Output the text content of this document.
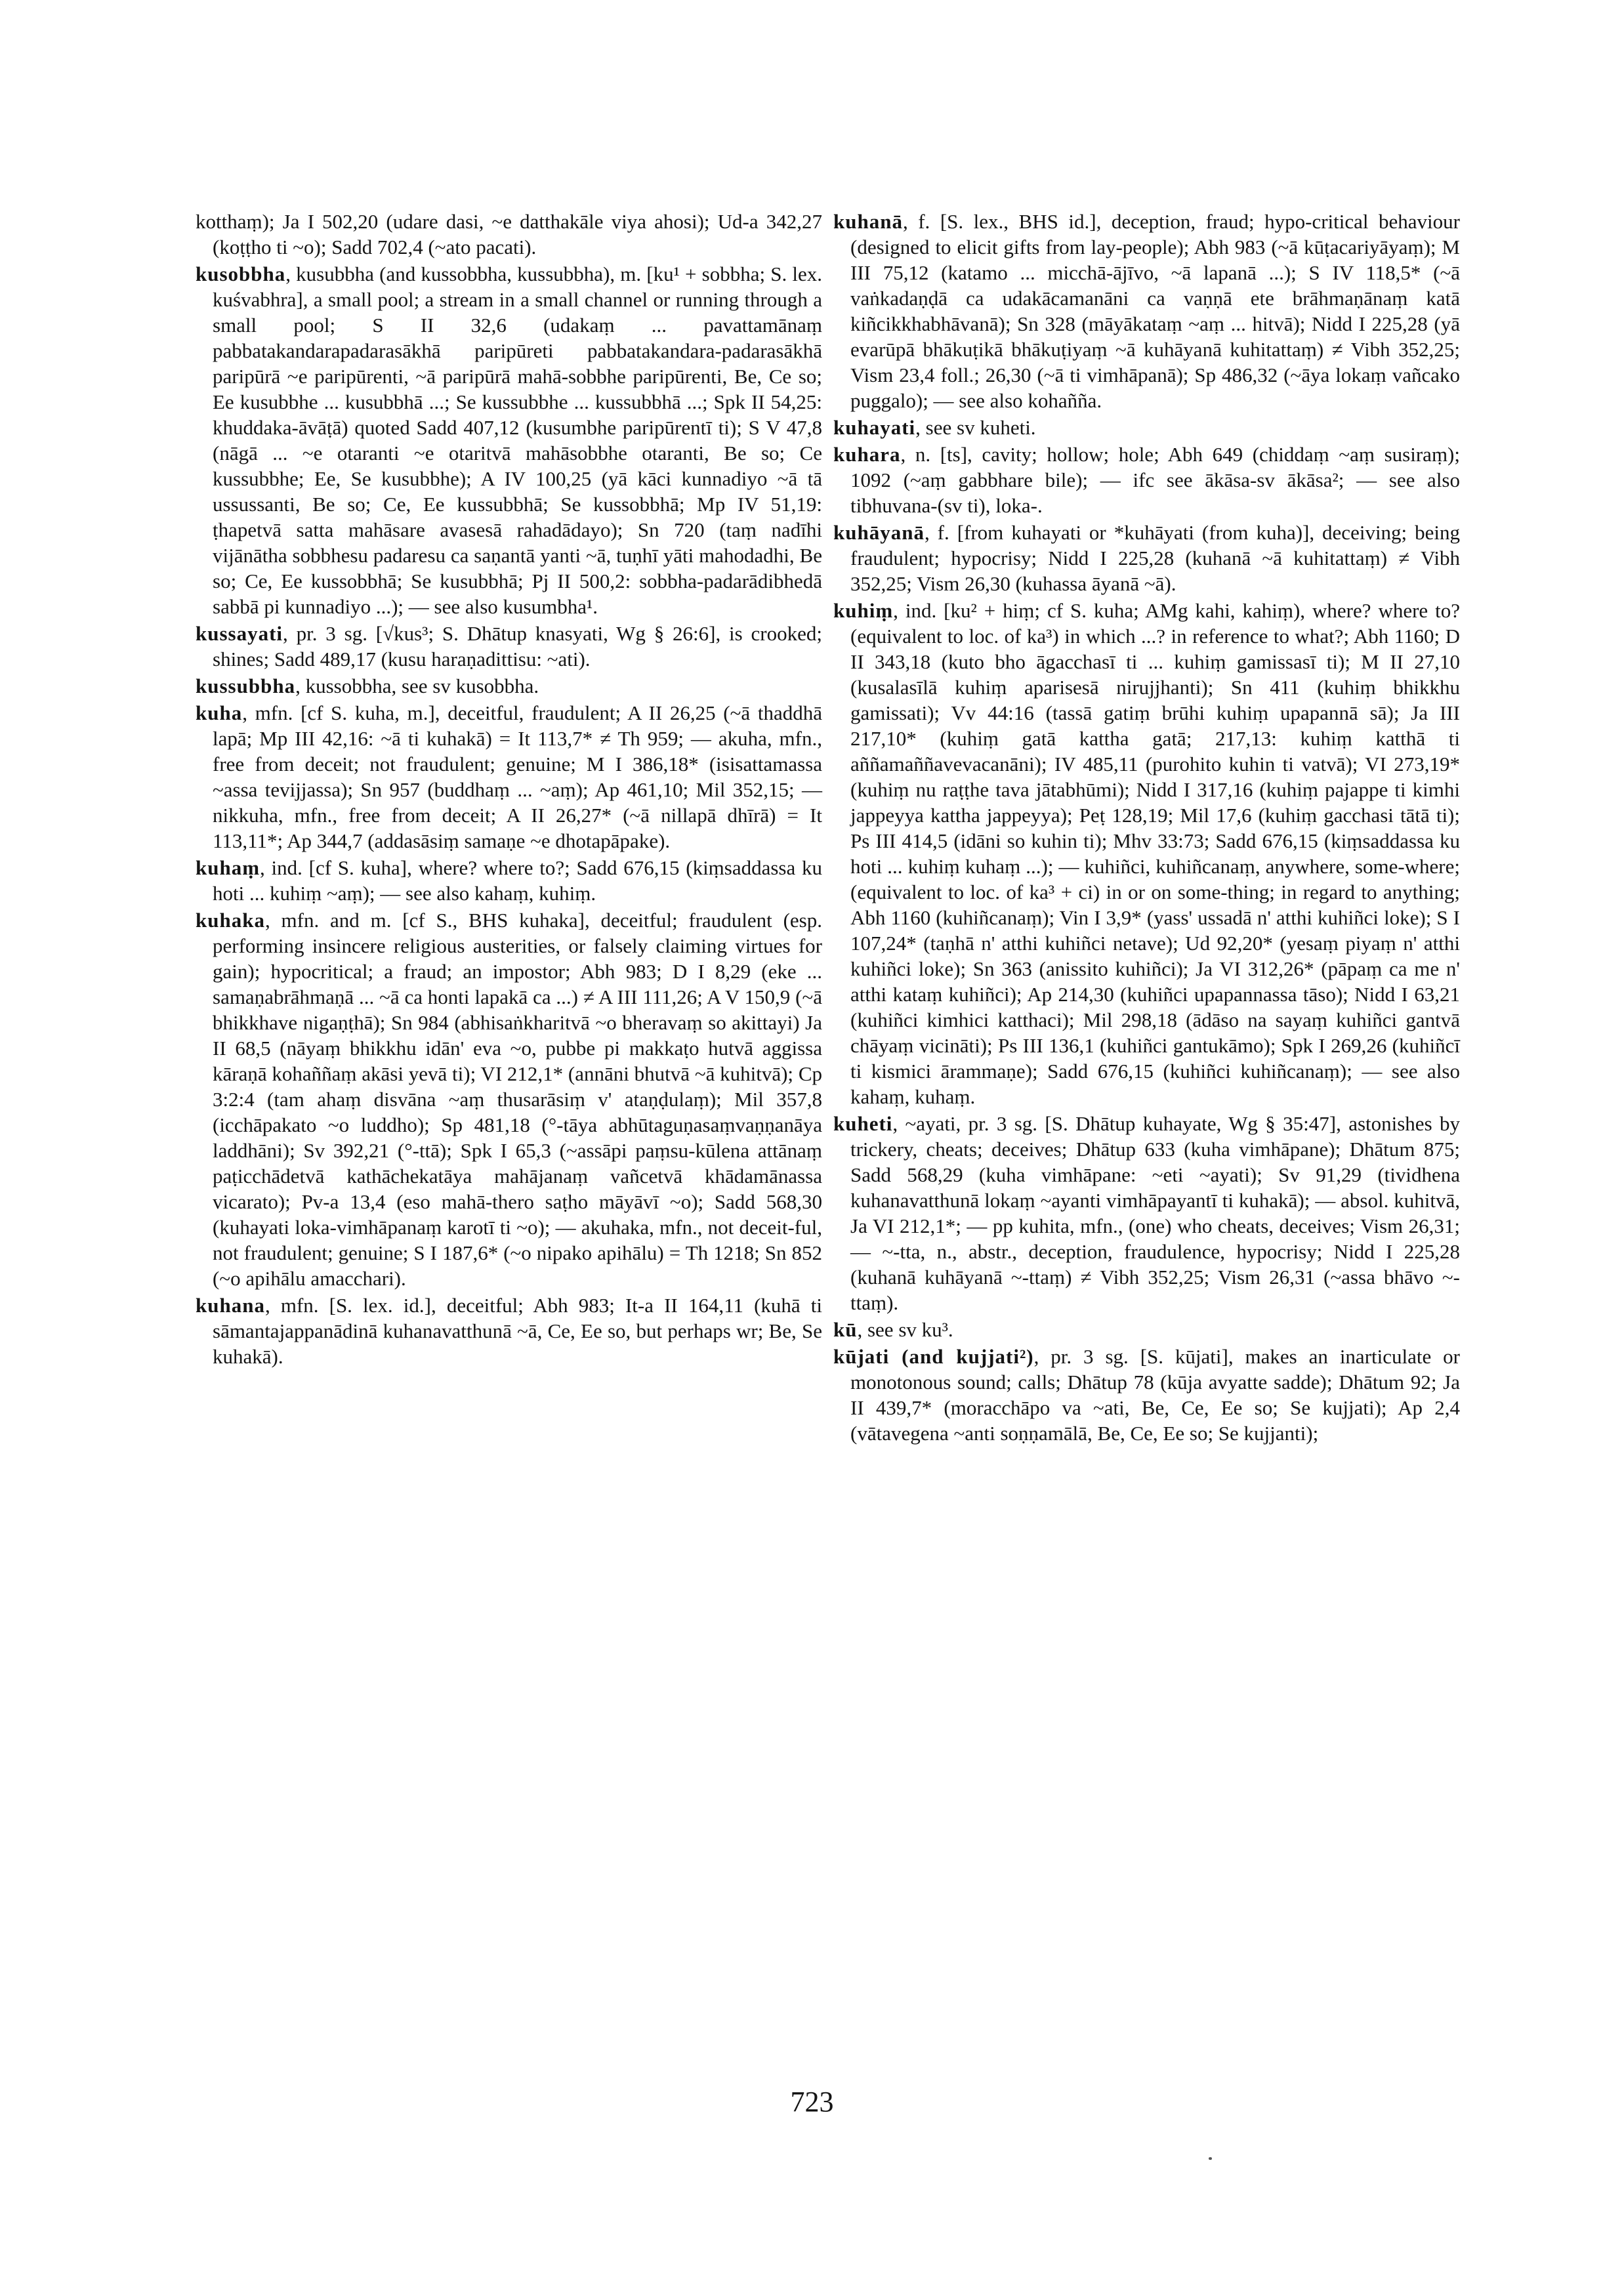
kotthaṃ); Ja I 502,20 (udare dasi, ~e datthakāle viya ahosi); Ud-a 342,27 (koṭṭho ti ~o); Sadd 702,4 (~ato pacati).

kusobbha, kusubbha (and kussobbha, kussubbha), m. [ku¹ + sobbha; S. lex. kuśvabhra], a small pool; a stream in a small channel or running through a small pool; S II 32,6 (udakaṃ ... pavattamānaṃ pabbatakandarapadarasākhā paripūreti pabbatakandara-padarasākhā paripūrā ~e paripūrenti, ~ā paripūrā mahā-sobbhe paripūrenti, Be, Ce so; Ee kusubbhe ... kusubbhā ...; Se kussubbhe ... kussubbhā ...; Spk II 54,25: khuddaka-āvāṭā) quoted Sadd 407,12 (kusumbhe paripūrentī ti); S V 47,8 (nāgā ... ~e otaranti ~e otaritvā mahāsobbhe otaranti, Be so; Ce kussubbhe; Ee, Se kusubbhe); A IV 100,25 (yā kāci kunnadiyo ~ā tā ussussanti, Be so; Ce, Ee kussubbhā; Se kussobbhā; Mp IV 51,19: ṭhapetvā satta mahāsare avasesā rahadādayo); Sn 720 (taṃ nadīhi vijānātha sobbhesu padaresu ca saṇantā yanti ~ā, tuṇhī yāti mahodadhi, Be so; Ce, Ee kussobbhā; Se kusubbhā; Pj II 500,2: sobbha-padarādibhedā sabbā pi kunnadiyo ...); — see also kusumbha¹.

kussayati, pr. 3 sg. [√kus³; S. Dhātup knasyati, Wg § 26:6], is crooked; shines; Sadd 489,17 (kusu haraṇadittisu: ~ati).

kussubbha, kussobbha, see sv kusobbha.

kuha, mfn. [cf S. kuha, m.], deceitful, fraudulent; A II 26,25 (~ā thaddhā lapā; Mp III 42,16: ~ā ti kuhakā) = It 113,7* ≠ Th 959; — akuha, mfn., free from deceit; not fraudulent; genuine; M I 386,18* (isisattamassa ~assa tevijjassa); Sn 957 (buddhaṃ ... ~aṃ); Ap 461,10; Mil 352,15; — nikkuha, mfn., free from deceit; A II 26,27* (~ā nillapā dhīrā) = It 113,11*; Ap 344,7 (addasāsiṃ samaṇe ~e dhotapāpake).

kuhaṃ, ind. [cf S. kuha], where? where to?; Sadd 676,15 (kiṃsaddassa ku hoti ... kuhiṃ ~aṃ); — see also kahaṃ, kuhiṃ.

kuhaka, mfn. and m. [cf S., BHS kuhaka], deceitful; fraudulent (esp. performing insincere religious austerities, or falsely claiming virtues for gain); hypocritical; a fraud; an impostor; Abh 983; D I 8,29 (eke ... samaṇabrāhmaṇā ... ~ā ca honti lapakā ca ...) ≠ A III 111,26; A V 150,9 (~ā bhikkhave nigaṇṭhā); Sn 984 (abhisaṅkharitvā ~o bheravaṃ so akittayi) Ja II 68,5 (nāyaṃ bhikkhu idān' eva ~o, pubbe pi makkaṭo hutvā aggissa kāraṇā kohaññaṃ akāsi yevā ti); VI 212,1* (annāni bhutvā ~ā kuhitvā); Cp 3:2:4 (tam ahaṃ disvāna ~aṃ thusarāsiṃ v' ataṇḍulaṃ); Mil 357,8 (icchāpakato ~o luddho); Sp 481,18 (°-tāya abhūtaguṇasaṃvaṇṇanāya laddhāni); Sv 392,21 (°-ttā); Spk I 65,3 (~assāpi paṃsu-kūlena attānaṃ paṭicchādetvā kathāchekatāya mahājanaṃ vañcetvā khādamānassa vicarato); Pv-a 13,4 (eso mahā-thero saṭho māyāvī ~o); Sadd 568,30 (kuhayati loka-vimhāpanaṃ karotī ti ~o); — akuhaka, mfn., not deceit-ful, not fraudulent; genuine; S I 187,6* (~o nipako apihālu) = Th 1218; Sn 852 (~o apihālu amacchari).

kuhana, mfn. [S. lex. id.], deceitful; Abh 983; It-a II 164,11 (kuhā ti sāmantajappanādinā kuhanavatthunā ~ā, Ce, Ee so, but perhaps wr; Be, Se kuhakā).

kuhanā, f. [S. lex., BHS id.], deception, fraud; hypo-critical behaviour (designed to elicit gifts from lay-people); Abh 983 (~ā kūṭacariyāyaṃ); M III 75,12 (katamo ... micchā-ājīvo, ~ā lapanā ...); S IV 118,5* (~ā vaṅkadaṇḍā ca udakācamanāni ca vaṇṇā ete brāhmaṇānaṃ katā kiñcikkhabhāvanā); Sn 328 (māyākataṃ ~aṃ ... hitvā); Nidd I 225,28 (yā evarūpā bhākuṭikā bhākuṭiyaṃ ~ā kuhāyanā kuhitattaṃ) ≠ Vibh 352,25; Vism 23,4 foll.; 26,30 (~ā ti vimhāpanā); Sp 486,32 (~āya lokaṃ vañcako puggalo); — see also kohañña.

kuhayati, see sv kuheti.

kuhara, n. [ts], cavity; hollow; hole; Abh 649 (chiddaṃ ~aṃ susiraṃ); 1092 (~aṃ gabbhare bile); — ifc see ākāsa-sv ākāsa²; — see also tibhuvana-(sv ti), loka-.

kuhāyanā, f. [from kuhayati or *kuhāyati (from kuha)], deceiving; being fraudulent; hypocrisy; Nidd I 225,28 (kuhanā ~ā kuhitattaṃ) ≠ Vibh 352,25; Vism 26,30 (kuhassa āyanā ~ā).

kuhiṃ, ind. [ku² + hiṃ; cf S. kuha; AMg kahi, kahiṃ), where? where to? (equivalent to loc. of ka³) in which ...? in reference to what?; Abh 1160; D II 343,18 (kuto bho āgacchasī ti ... kuhiṃ gamissasī ti); M II 27,10 (kusalasīlā kuhiṃ aparisesā nirujjhanti); Sn 411 (kuhiṃ bhikkhu gamissati); Vv 44:16 (tassā gatiṃ brūhi kuhiṃ upapannā sā); Ja III 217,10* (kuhiṃ gatā kattha gatā; 217,13: kuhiṃ katthā ti aññamaññavevacanāni); IV 485,11 (purohito kuhin ti vatvā); VI 273,19* (kuhiṃ nu raṭṭhe tava jātabhūmi); Nidd I 317,16 (kuhiṃ pajappe ti kimhi jappeyya kattha jappeyya); Peṭ 128,19; Mil 17,6 (kuhiṃ gacchasi tātā ti); Ps III 414,5 (idāni so kuhin ti); Mhv 33:73; Sadd 676,15 (kiṃsaddassa ku hoti ... kuhiṃ kuhaṃ ...); — kuhiñci, kuhiñcanaṃ, anywhere, some-where; (equivalent to loc. of ka³ + ci) in or on some-thing; in regard to anything; Abh 1160 (kuhiñcanaṃ); Vin I 3,9* (yass' ussadā n' atthi kuhiñci loke); S I 107,24* (taṇhā n' atthi kuhiñci netave); Ud 92,20* (yesaṃ piyaṃ n' atthi kuhiñci loke); Sn 363 (anissito kuhiñci); Ja VI 312,26* (pāpaṃ ca me n' atthi kataṃ kuhiñci); Ap 214,30 (kuhiñci upapannassa tāso); Nidd I 63,21 (kuhiñci kimhici katthaci); Mil 298,18 (ādāso na sayaṃ kuhiñci gantvā chāyaṃ vicināti); Ps III 136,1 (kuhiñci gantukāmo); Spk I 269,26 (kuhiñcī ti kismici ārammaṇe); Sadd 676,15 (kuhiñci kuhiñcanaṃ); — see also kahaṃ, kuhaṃ.

kuheti, ~ayati, pr. 3 sg. [S. Dhātup kuhayate, Wg § 35:47], astonishes by trickery, cheats; deceives; Dhātup 633 (kuha vimhāpane); Dhātum 875; Sadd 568,29 (kuha vimhāpane: ~eti ~ayati); Sv 91,29 (tividhena kuhanavatthunā lokaṃ ~ayanti vimhāpayantī ti kuhakā); — absol. kuhitvā, Ja VI 212,1*; — pp kuhita, mfn., (one) who cheats, deceives; Vism 26,31; — ~-tta, n., abstr., deception, fraudulence, hypocrisy; Nidd I 225,28 (kuhanā kuhāyanā ~-ttaṃ) ≠ Vibh 352,25; Vism 26,31 (~assa bhāvo ~-ttaṃ).

kū, see sv ku³.

kūjati (and kujjati²), pr. 3 sg. [S. kūjati], makes an inarticulate or monotonous sound; calls; Dhātup 78 (kūja avyatte sadde); Dhātum 92; Ja II 439,7* (moracchāpo va ~ati, Be, Ce, Ee so; Se kujjati); Ap 2,4 (vātavegena ~anti soṇṇamālā, Be, Ce, Ee so; Se kujjanti);

723
